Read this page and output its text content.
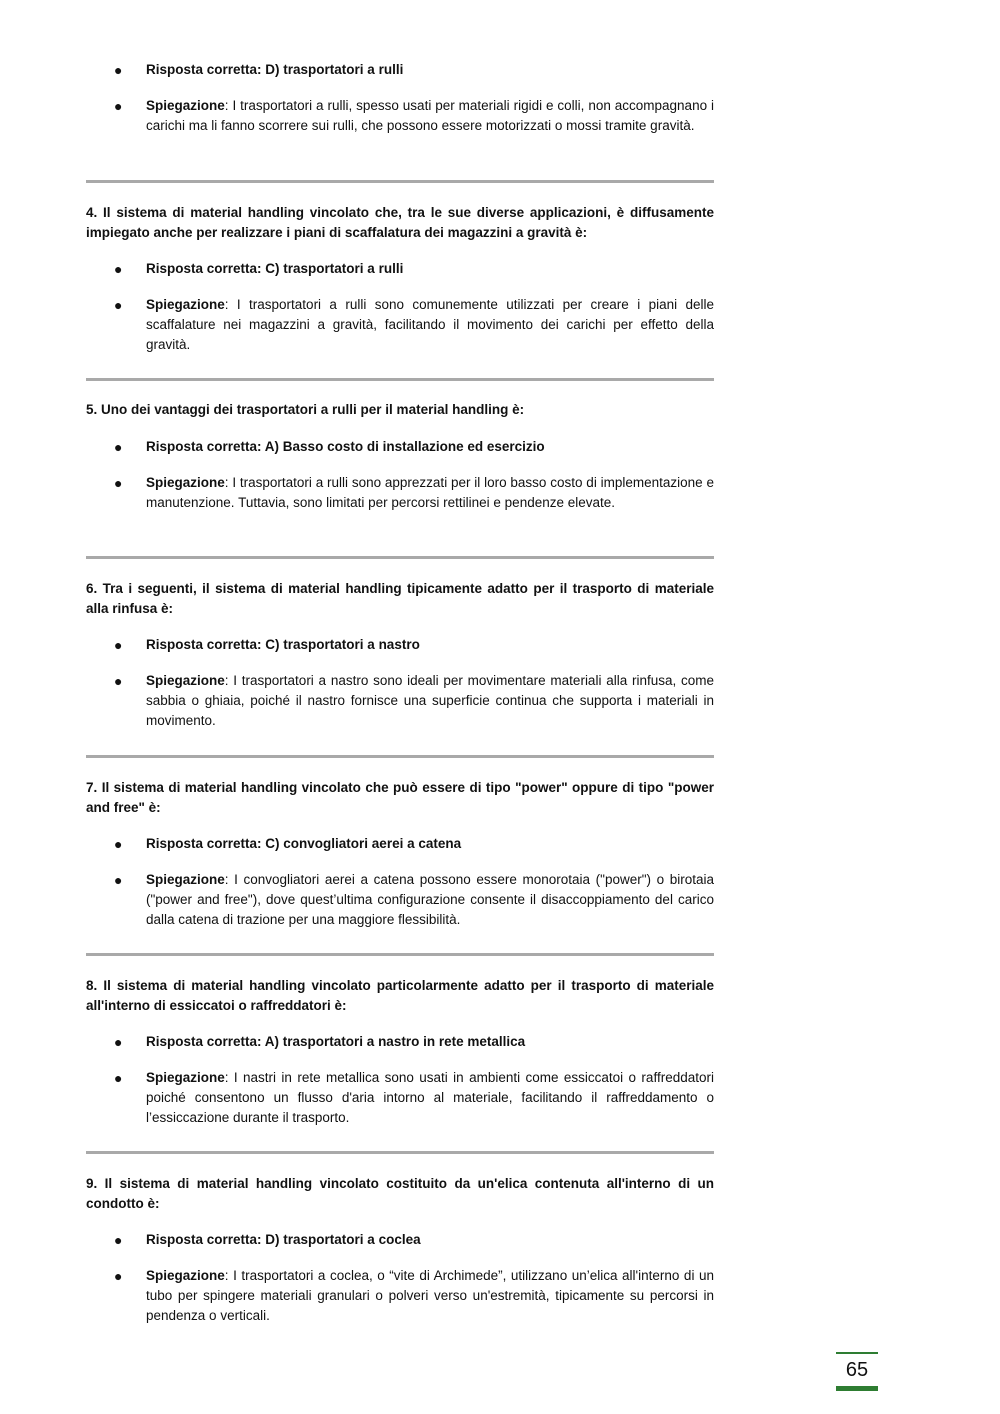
● Risposta corretta: D) trasportatori a rulli
● Spiegazione: I trasportatori a rulli, spesso usati per materiali rigidi e colli, non accompagnano i carichi ma li fanno scorrere sui rulli, che possono essere motorizzati o mossi tramite gravità.

4. Il sistema di material handling vincolato che, tra le sue diverse applicazioni, è diffusamente impiegato anche per realizzare i piani di scaffalatura dei magazzini a gravità è:

● Risposta corretta: C) trasportatori a rulli
● Spiegazione: I trasportatori a rulli sono comunemente utilizzati per creare i piani delle scaffalature nei magazzini a gravità, facilitando il movimento dei carichi per effetto della gravità.

5. Uno dei vantaggi dei trasportatori a rulli per il material handling è:

● Risposta corretta: A) Basso costo di installazione ed esercizio
● Spiegazione: I trasportatori a rulli sono apprezzati per il loro basso costo di implementazione e manutenzione. Tuttavia, sono limitati per percorsi rettilinei e pendenze elevate.

6. Tra i seguenti, il sistema di material handling tipicamente adatto per il trasporto di materiale alla rinfusa è:

● Risposta corretta: C) trasportatori a nastro
● Spiegazione: I trasportatori a nastro sono ideali per movimentare materiali alla rinfusa, come sabbia o ghiaia, poiché il nastro fornisce una superficie continua che supporta i materiali in movimento.

7. Il sistema di material handling vincolato che può essere di tipo "power" oppure di tipo "power and free" è:

● Risposta corretta: C) convogliatori aerei a catena
● Spiegazione: I convogliatori aerei a catena possono essere monorotaia ("power") o birotaia ("power and free"), dove quest’ultima configurazione consente il disaccoppiamento del carico dalla catena di trazione per una maggiore flessibilità.

8. Il sistema di material handling vincolato particolarmente adatto per il trasporto di materiale all'interno di essiccatoi o raffreddatori è:

● Risposta corretta: A) trasportatori a nastro in rete metallica
● Spiegazione: I nastri in rete metallica sono usati in ambienti come essiccatoi o raffreddatori poiché consentono un flusso d'aria intorno al materiale, facilitando il raffreddamento o l’essiccazione durante il trasporto.

9. Il sistema di material handling vincolato costituito da un'elica contenuta all'interno di un condotto è:

● Risposta corretta: D) trasportatori a coclea
● Spiegazione: I trasportatori a coclea, o “vite di Archimede”, utilizzano un’elica all'interno di un tubo per spingere materiali granulari o polveri verso un'estremità, tipicamente su percorsi in pendenza o verticali.

65
